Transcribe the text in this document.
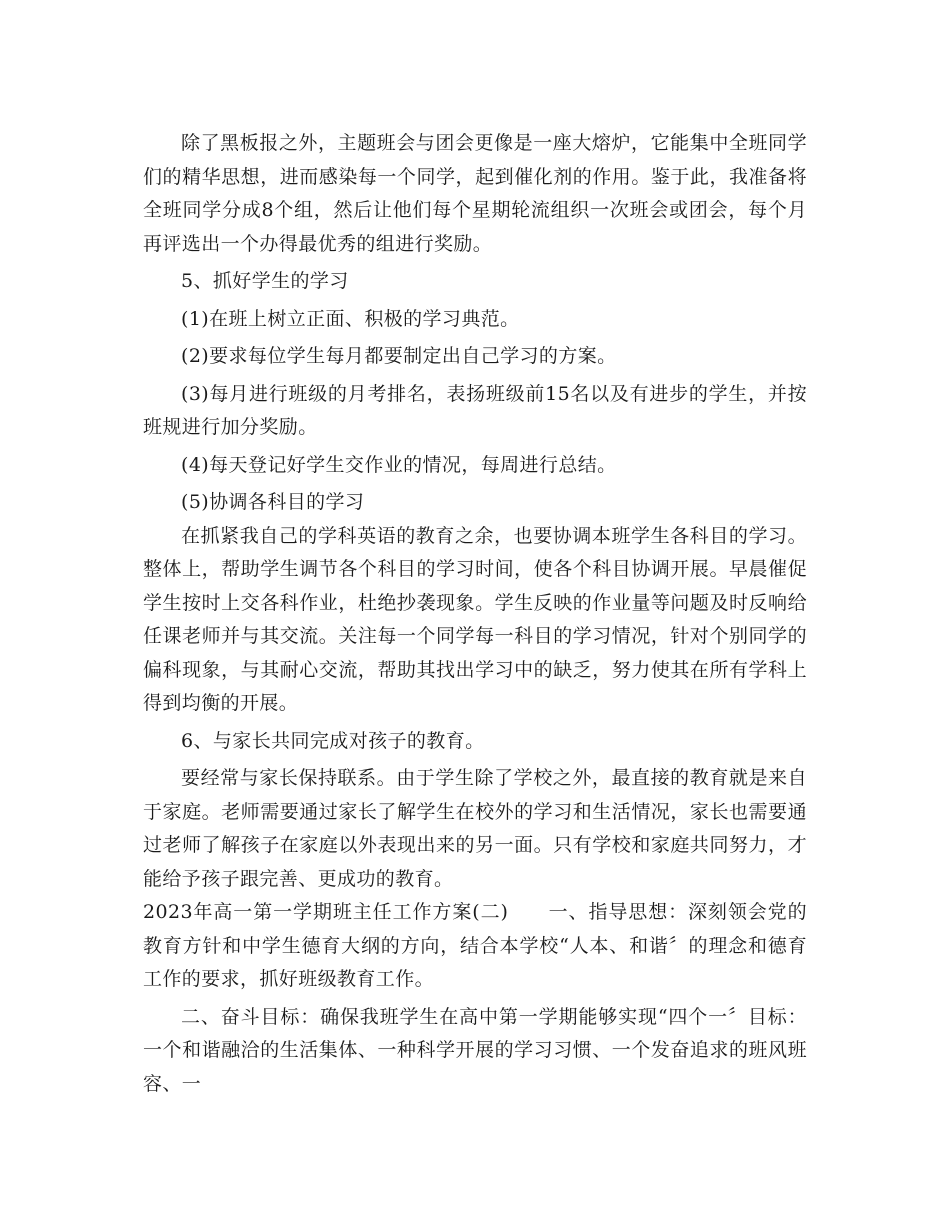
除了黑板报之外，主题班会与团会更像是一座大熔炉，它能集中全班同学们的精华思想，进而感染每一个同学，起到催化剂的作用。鉴于此，我准备将全班同学分成8个组，然后让他们每个星期轮流组织一次班会或团会，每个月再评选出一个办得最优秀的组进行奖励。

5、抓好学生的学习

(1)在班上树立正面、积极的学习典范。

(2)要求每位学生每月都要制定出自己学习的方案。

(3)每月进行班级的月考排名，表扬班级前15名以及有进步的学生，并按班规进行加分奖励。

(4)每天登记好学生交作业的情况，每周进行总结。

(5)协调各科目的学习

在抓紧我自己的学科英语的教育之余，也要协调本班学生各科目的学习。整体上，帮助学生调节各个科目的学习时间，使各个科目协调开展。早晨催促学生按时上交各科作业，杜绝抄袭现象。学生反映的作业量等问题及时反响给任课老师并与其交流。关注每一个同学每一科目的学习情况，针对个别同学的偏科现象，与其耐心交流，帮助其找出学习中的缺乏，努力使其在所有学科上得到均衡的开展。

6、与家长共同完成对孩子的教育。

要经常与家长保持联系。由于学生除了学校之外，最直接的教育就是来自于家庭。老师需要通过家长了解学生在校外的学习和生活情况，家长也需要通过老师了解孩子在家庭以外表现出来的另一面。只有学校和家庭共同努力，才能给予孩子跟完善、更成功的教育。

2023年高一第一学期班主任工作方案(二)　　一、指导思想：深刻领会党的教育方针和中学生德育大纲的方向，结合本学校“人本、和谐〞的理念和德育工作的要求，抓好班级教育工作。

二、奋斗目标：确保我班学生在高中第一学期能够实现“四个一〞目标：一个和谐融洽的生活集体、一种科学开展的学习习惯、一个发奋追求的班风班容、一
